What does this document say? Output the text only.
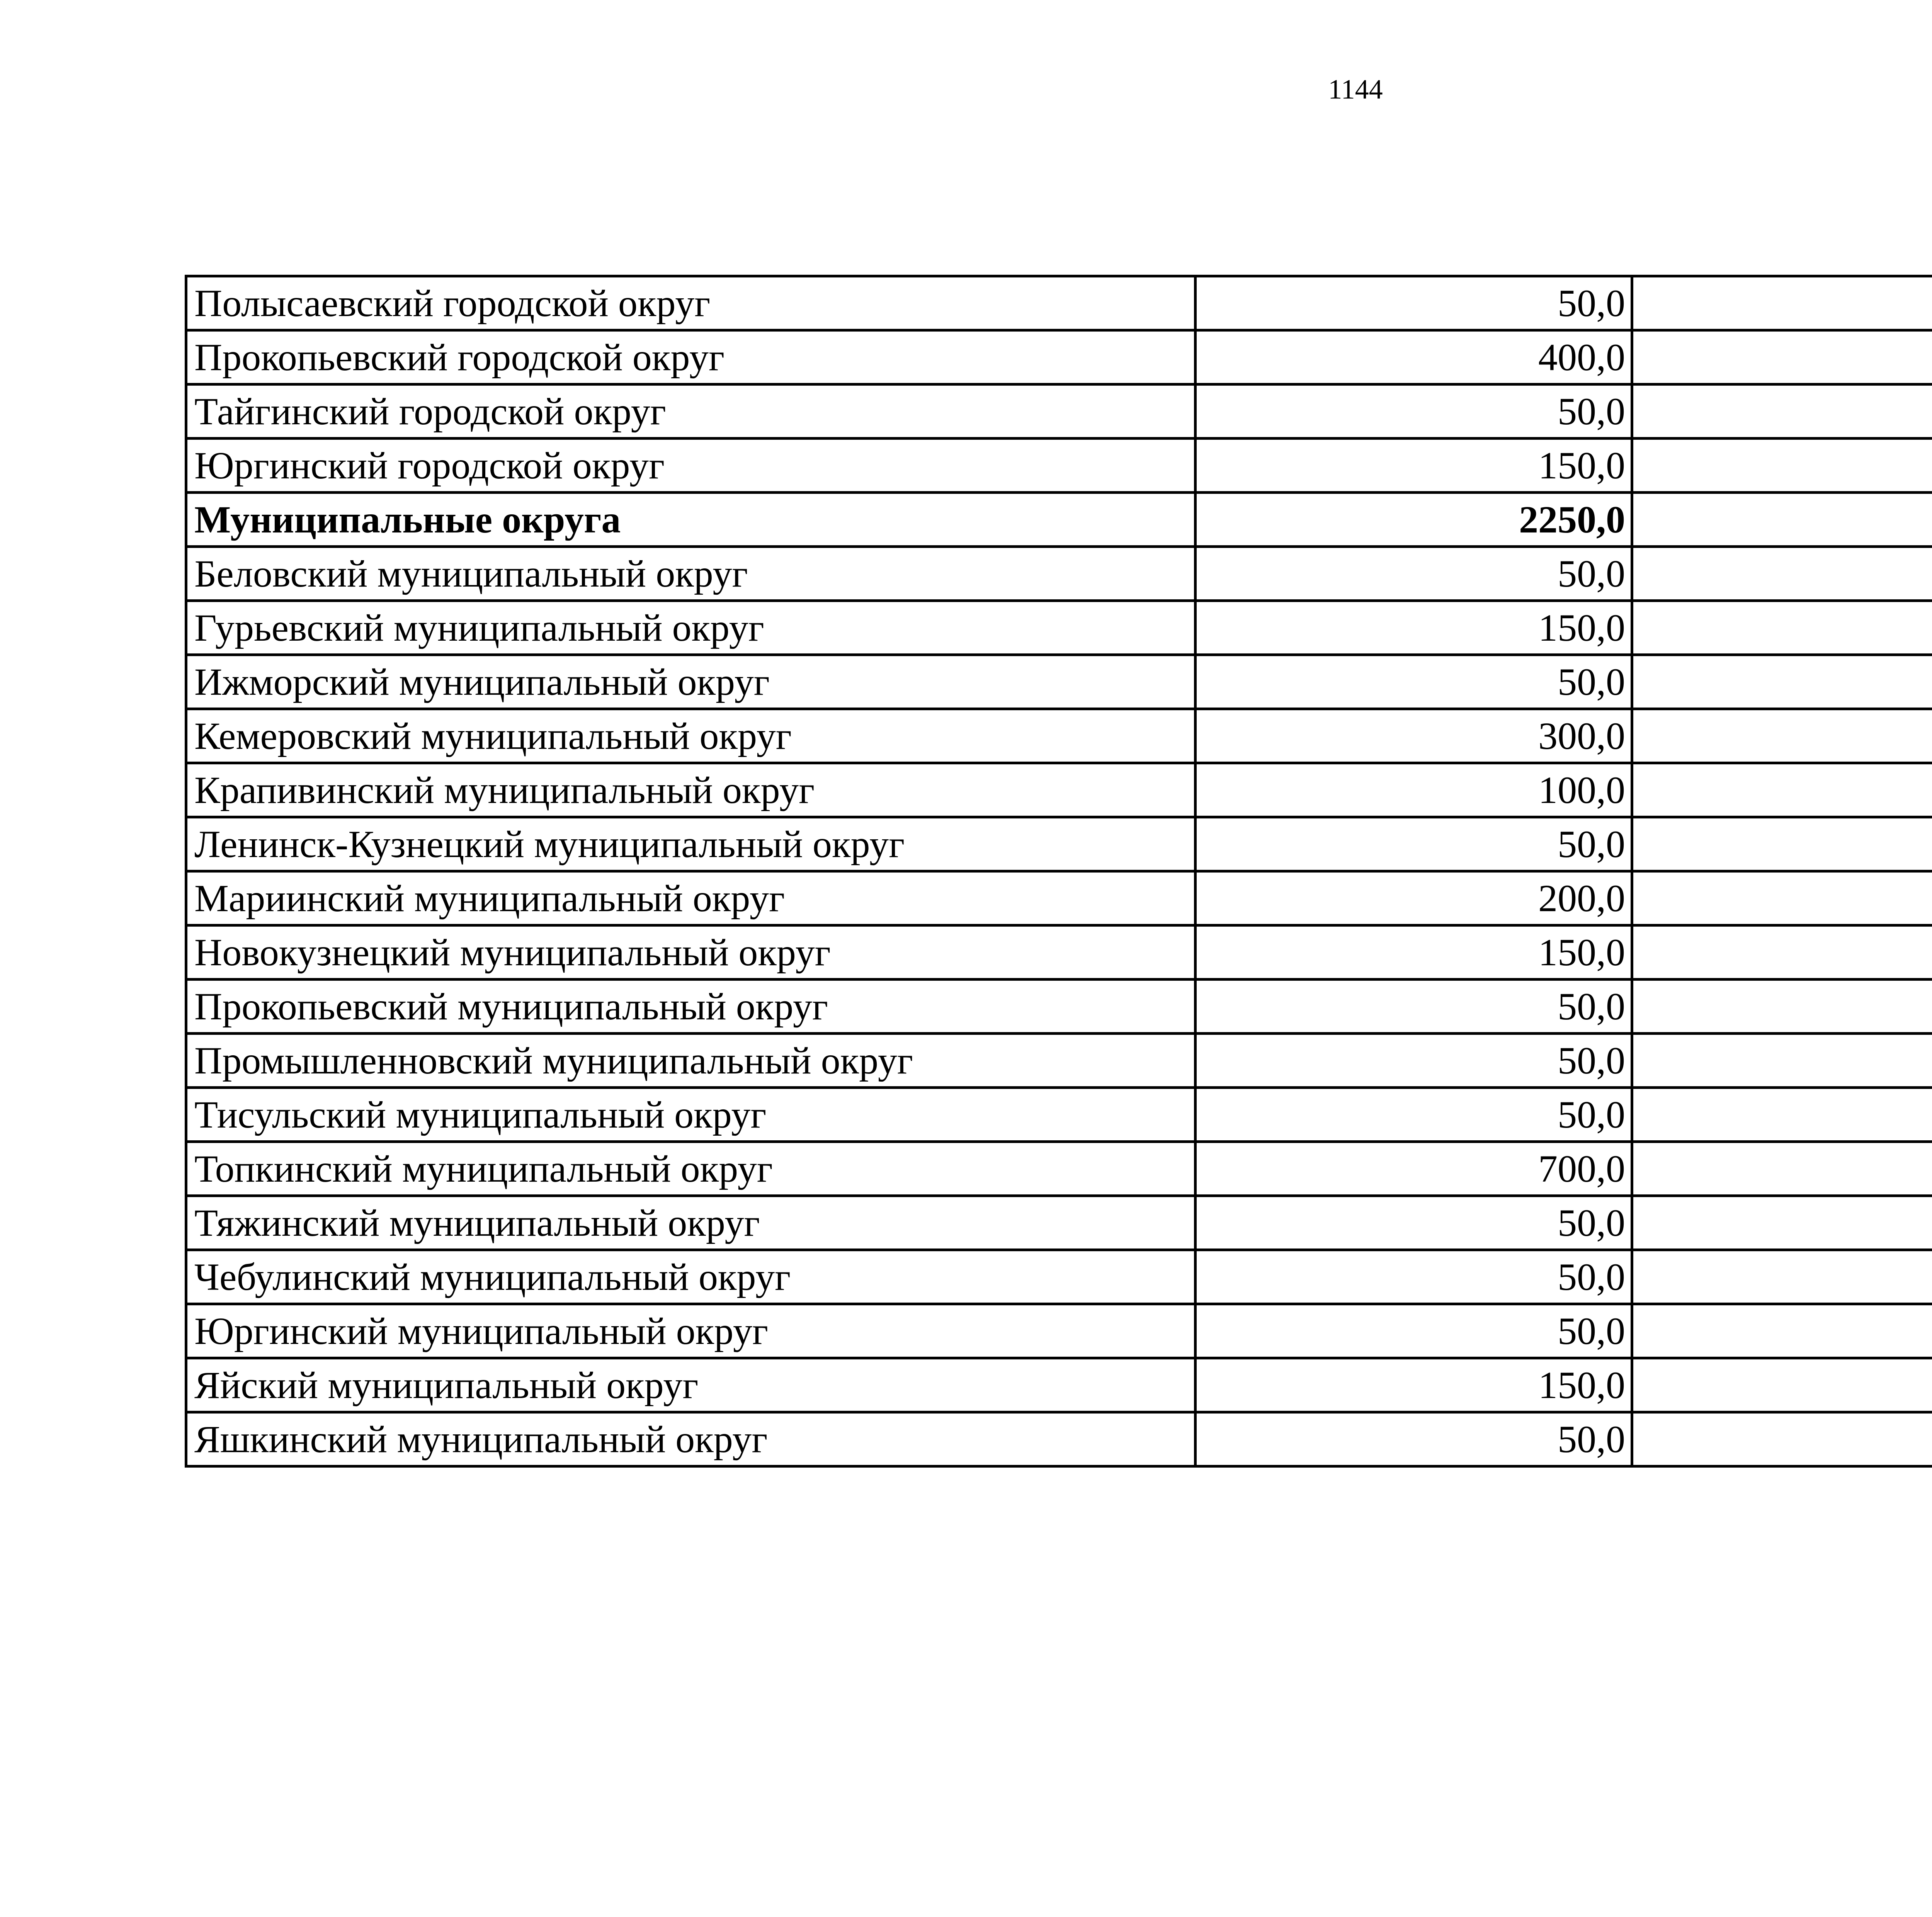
1144
Полысаевский городской округ	50,0		
Прокопьевский городской округ	400,0		
Тайгинский городской округ	50,0		
Юргинский городской округ	150,0		
Муниципальные округа	2250,0		
Беловский муниципальный округ	50,0		
Гурьевский муниципальный округ	150,0		
Ижморский муниципальный округ	50,0		
Кемеровский муниципальный округ	300,0		
Крапивинский муниципальный округ	100,0		
Ленинск-Кузнецкий муниципальный округ	50,0		
Мариинский муниципальный округ	200,0		
Новокузнецкий муниципальный округ	150,0		
Прокопьевский муниципальный округ	50,0		
Промышленновский муниципальный округ	50,0		
Тисульский муниципальный округ	50,0		
Топкинский муниципальный округ	700,0		
Тяжинский муниципальный округ	50,0		
Чебулинский муниципальный округ	50,0		
Юргинский муниципальный округ	50,0		
Яйский муниципальный округ	150,0		
Яшкинский муниципальный округ	50,0		
